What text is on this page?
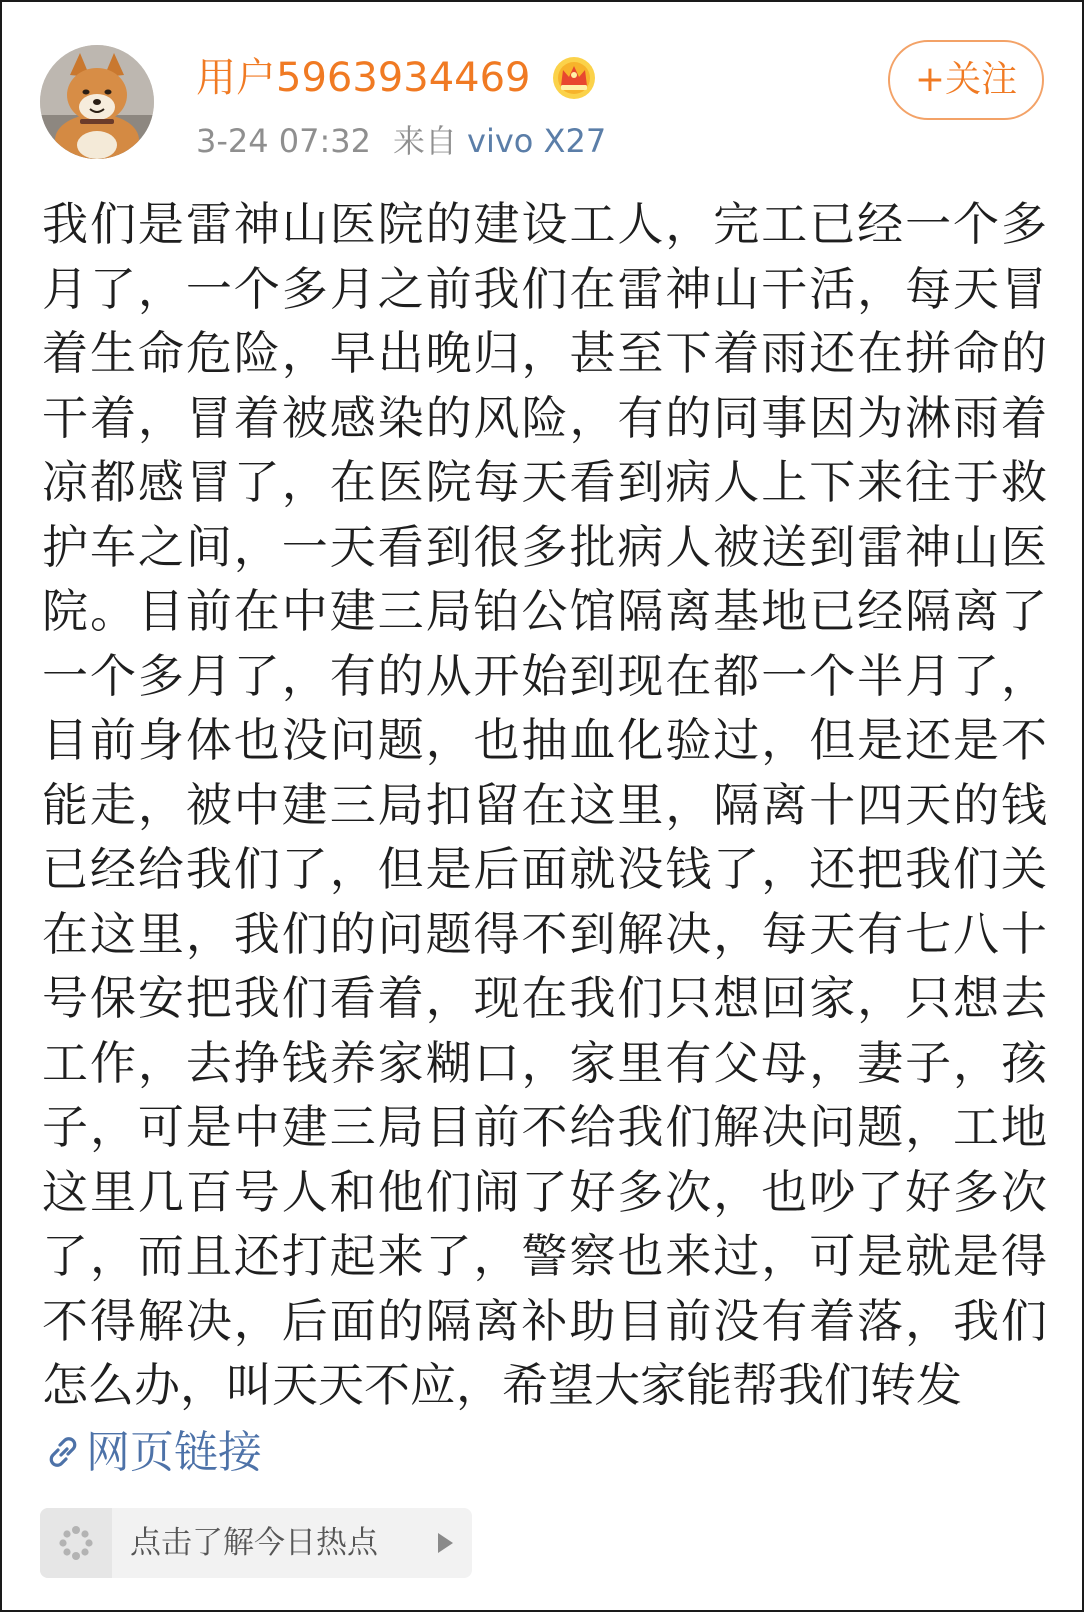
用户5963934469
3-24 07:32 来自 vivo X27
+关注

我们是雷神山医院的建设工人，完工已经一个多月了，一个多月之前我们在雷神山干活，每天冒着生命危险，早出晚归，甚至下着雨还在拼命的干着，冒着被感染的风险，有的同事因为淋雨着凉都感冒了，在医院每天看到病人上下来往于救护车之间，一天看到很多批病人被送到雷神山医院。目前在中建三局铂公馆隔离基地已经隔离了一个多月了，有的从开始到现在都一个半月了，目前身体也没问题，也抽血化验过，但是还是不能走，被中建三局扣留在这里，隔离十四天的钱已经给我们了，但是后面就没钱了，还把我们关在这里，我们的问题得不到解决，每天有七八十号保安把我们看着，现在我们只想回家，只想去工作，去挣钱养家糊口，家里有父母，妻子，孩子，可是中建三局目前不给我们解决问题，工地这里几百号人和他们闹了好多次，也吵了好多次了，而且还打起来了，警察也来过，可是就是得不得解决，后面的隔离补助目前没有着落，我们怎么办，叫天天不应，希望大家能帮我们转发

网页链接
点击了解今日热点
